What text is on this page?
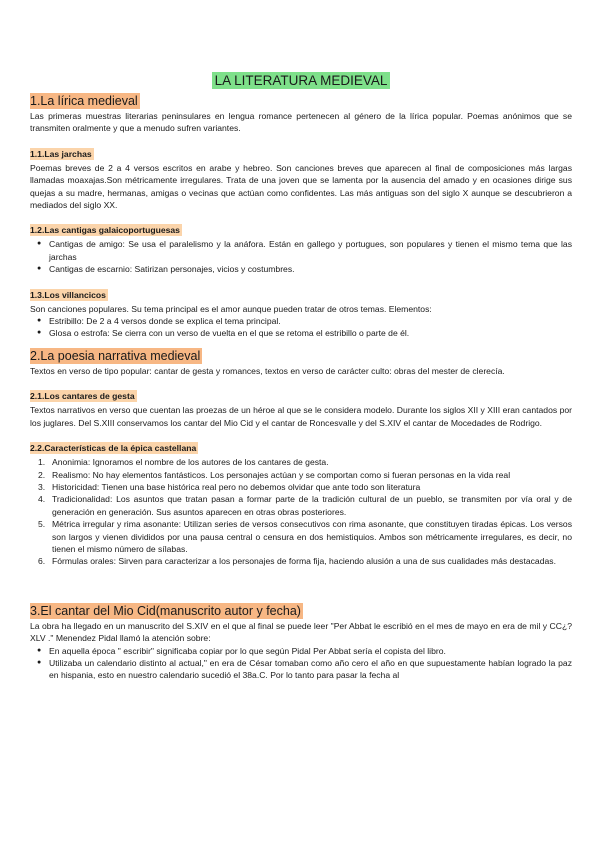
LA LITERATURA MEDIEVAL
1.La lírica medieval

Las primeras muestras literarias peninsulares en lengua romance pertenecen al género de la lírica popular. Poemas anónimos que se transmiten oralmente y que a menudo sufren variantes.

1.1.Las jarchas

Poemas breves de 2 a 4 versos escritos en arabe y hebreo. Son canciones breves que aparecen al final de composiciones más largas llamadas moaxajas.Son métricamente irregulares. Trata de una joven que se lamenta por la ausencia del amado y en ocasiones dirige sus quejas a su madre, hermanas, amigas o vecinas que actúan como confidentes. Las más antiguas son del siglo X aunque se descubrieron a mediados del siglo XX.

1.2.Las cantigas galaicoportuguesas
● Cantigas de amigo: Se usa el paralelismo y la anáfora. Están en gallego y portugues, son populares y tienen el mismo tema que las jarchas
● Cantigas de escarnio: Satirizan personajes, vicios y costumbres.
1.3.Los villancicos

Son canciones populares. Su tema principal es el amor aunque pueden tratar de otros temas. Elementos:

● Estribillo: De 2 a 4 versos donde se explica el tema principal.
● Glosa o estrofa: Se cierra con un verso de vuelta en el que se retoma el estribillo o parte de él.
2.La poesia narrativa medieval

Textos en verso de tipo popular: cantar de gesta y romances, textos en verso de carácter culto: obras del mester de clerecía.

2.1.Los cantares de gesta

Textos narrativos en verso que cuentan las proezas de un héroe al que se le considera modelo. Durante los siglos XII y XIII eran cantados por los juglares. Del S.XIII conservamos los cantar del Mio Cid y el cantar de Roncesvalle y del S.XIV el cantar de Mocedades de Rodrigo.

2.2.Características de la épica castellana
1. Anonimia: Ignoramos el nombre de los autores de los cantares de gesta.
2. Realismo: No hay elementos fantásticos. Los personajes actúan y se comportan como si fueran personas en la vida real
3. Historicidad: Tienen una base histórica real pero no debemos olvidar que ante todo son literatura
4. Tradicionalidad: Los asuntos que tratan pasan a formar parte de la tradición cultural de un pueblo, se transmiten por vía oral y de generación en generación. Sus asuntos aparecen en otras obras posteriores.
5. Métrica irregular y rima asonante: Utilizan series de versos consecutivos con rima asonante, que constituyen tiradas épicas. Los versos son largos y vienen divididos por una pausa central o censura en dos hemistiquios. Ambos son métricamente irregulares, es decir, no tienen el mismo número de sílabas.
6. Fórmulas orales: Sirven para caracterizar a los personajes de forma fija, haciendo alusión a una de sus cualidades más destacadas.
3.El cantar del Mio Cid(manuscrito autor y fecha)

La obra ha llegado en un manuscrito del S.XIV en el que al final se puede leer "Per Abbat le escribió en el mes de mayo en era de mil y CC¿?XLV ." Menendez Pidal llamó la atención sobre:

● En aquella época " escribir" significaba copiar por lo que según Pidal Per Abbat sería el copista del libro.
● Utilizaba un calendario distinto al actual," en era de César tomaban como año cero el año en que supuestamente habían logrado la paz en hispania, esto en nuestro calendario sucedió el 38a.C. Por lo tanto para pasar la fecha al
